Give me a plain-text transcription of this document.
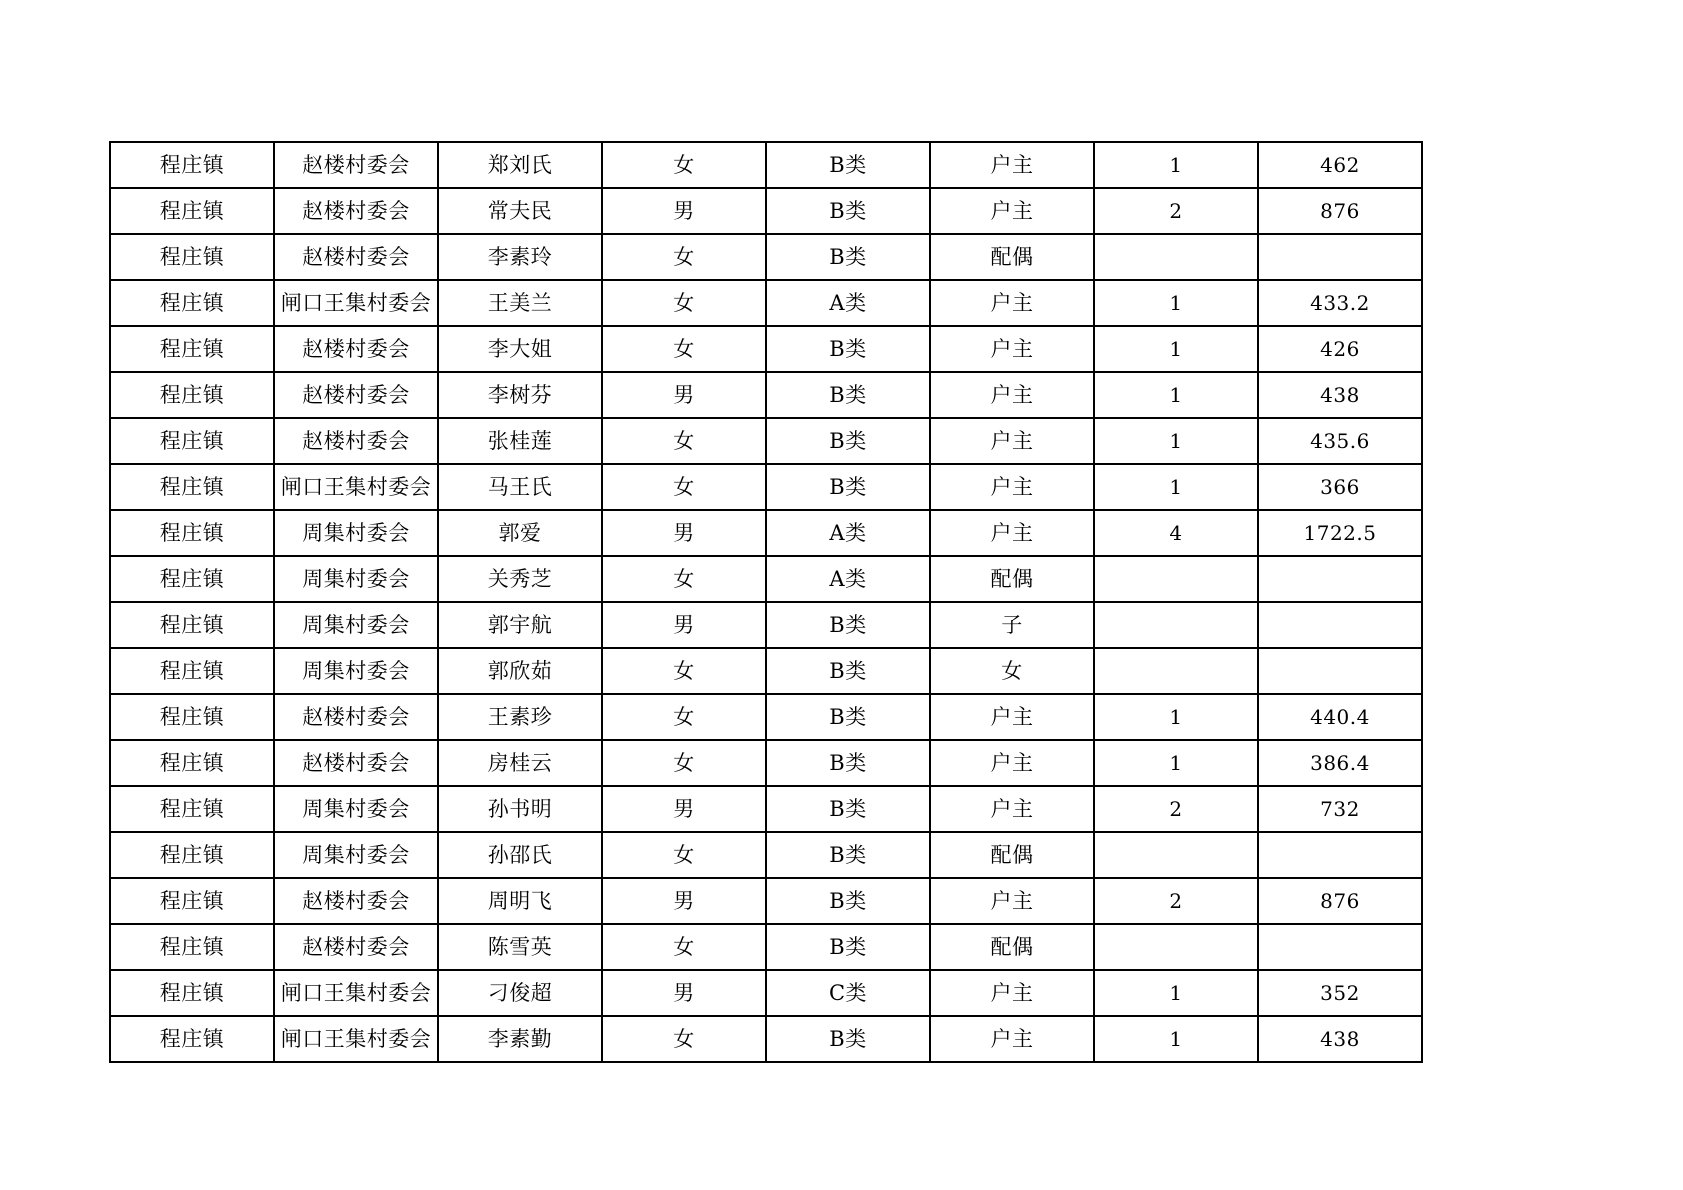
程庄镇	赵楼村委会	郑刘氏	女	B类	户主	1	462
程庄镇	赵楼村委会	常夫民	男	B类	户主	2	876
程庄镇	赵楼村委会	李素玲	女	B类	配偶		
程庄镇	闸口王集村委会	王美兰	女	A类	户主	1	433.2
程庄镇	赵楼村委会	李大姐	女	B类	户主	1	426
程庄镇	赵楼村委会	李树芬	男	B类	户主	1	438
程庄镇	赵楼村委会	张桂莲	女	B类	户主	1	435.6
程庄镇	闸口王集村委会	马王氏	女	B类	户主	1	366
程庄镇	周集村委会	郭爱	男	A类	户主	4	1722.5
程庄镇	周集村委会	关秀芝	女	A类	配偶		
程庄镇	周集村委会	郭宇航	男	B类	子		
程庄镇	周集村委会	郭欣茹	女	B类	女		
程庄镇	赵楼村委会	王素珍	女	B类	户主	1	440.4
程庄镇	赵楼村委会	房桂云	女	B类	户主	1	386.4
程庄镇	周集村委会	孙书明	男	B类	户主	2	732
程庄镇	周集村委会	孙邵氏	女	B类	配偶		
程庄镇	赵楼村委会	周明飞	男	B类	户主	2	876
程庄镇	赵楼村委会	陈雪英	女	B类	配偶		
程庄镇	闸口王集村委会	刁俊超	男	C类	户主	1	352
程庄镇	闸口王集村委会	李素勤	女	B类	户主	1	438
